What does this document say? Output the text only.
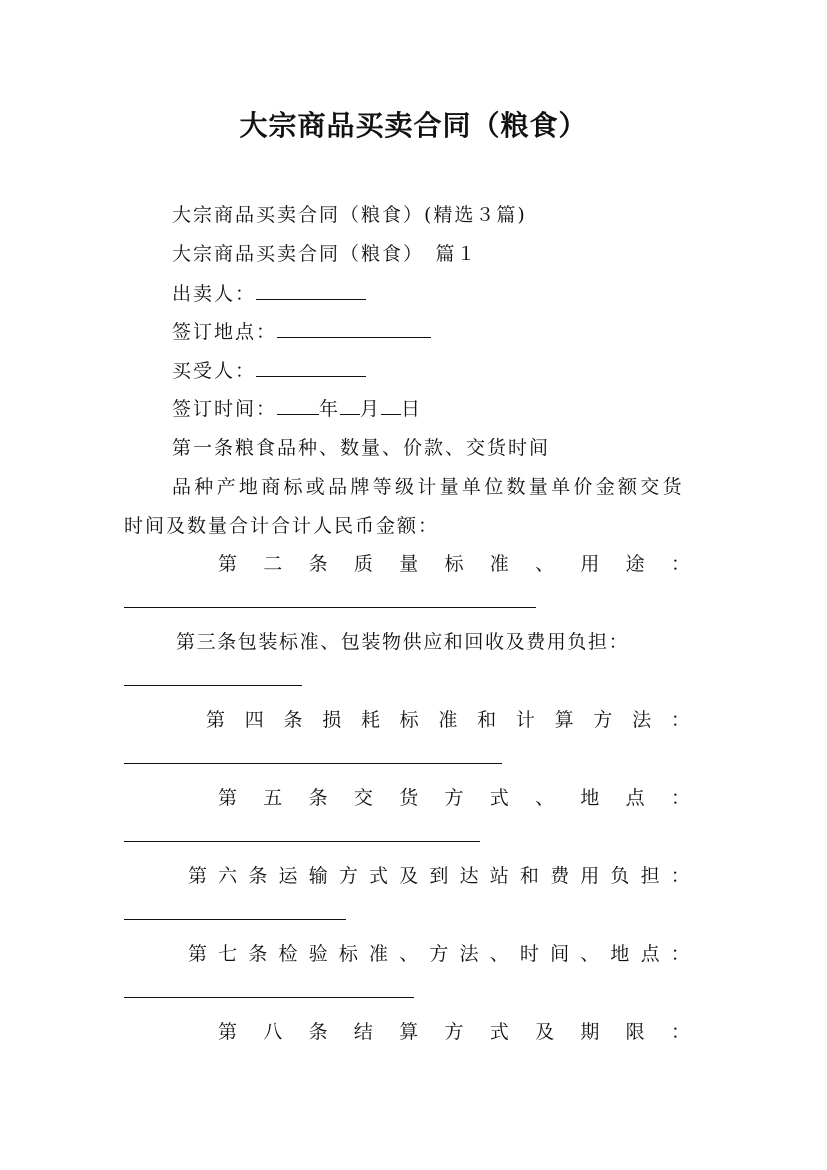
大宗商品买卖合同（粮食）
大宗商品买卖合同（粮食）(精选３篇)
大宗商品买卖合同（粮食）　篇１
出卖人：
签订地点：
买受人：
签订时间： 年 月 日
第一条粮食品种、数量、价款、交货时间
品种产地商标或品牌等级计量单位数量单价金额交货
时间及数量合计合计人民币金额：
第 二 条 质 量 标 准 、 用 途 ：
第三条包装标准、包装物供应和回收及费用负担：
第 四 条 损 耗 标 准 和 计 算 方 法 ：
第 五 条 交 货 方 式 、 地 点 ：
第 六 条 运 输 方 式 及 到 达 站 和 费 用 负 担 ：
第 七 条 检 验 标 准 、 方 法 、 时 间 、 地 点 ：
第 八 条 结 算 方 式 及 期 限 ：
